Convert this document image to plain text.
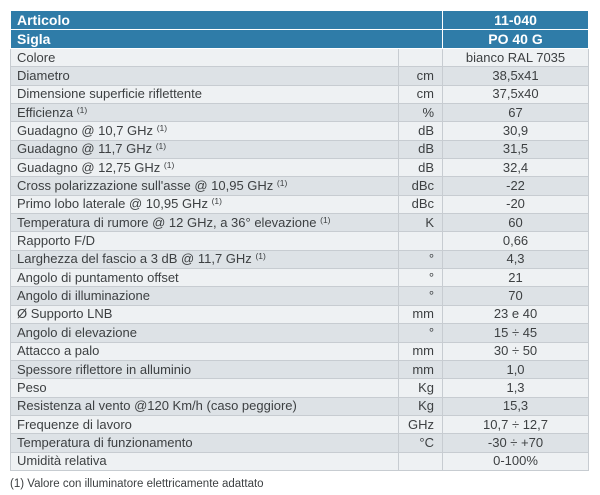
Articolo		11-040
Sigla		PO 40 G
Colore		bianco RAL 7035
Diametro	cm	38,5x41
Dimensione superficie riflettente	cm	37,5x40
Efficienza $^{(1)}$	%	67
Guadagno @ 10,7 GHz $^{(1)}$	dB	30,9
Guadagno @ 11,7 GHz $^{(1)}$	dB	31,5
Guadagno @ 12,75 GHz $^{(1)}$	dB	32,4
Cross polarizzazione sull'asse @ 10,95 GHz $^{(1)}$	dBc	-22
Primo lobo laterale @ 10,95 GHz $^{(1)}$	dBc	-20
Temperatura di rumore @ 12 GHz, a 36° elevazione $^{(1)}$	K	60
Rapporto F/D		0,66
Larghezza del fascio a 3 dB @ 11,7 GHz $^{(1)}$	°	4,3
Angolo di puntamento offset	°	21
Angolo di illuminazione	°	70
Ø Supporto LNB	mm	23 e 40
Angolo di elevazione	°	15 ÷ 45
Attacco a palo	mm	30 ÷ 50
Spessore riflettore in alluminio	mm	1,0
Peso	Kg	1,3
Resistenza al vento @120 Km/h (caso peggiore)	Kg	15,3
Frequenze di lavoro	GHz	10,7 ÷ 12,7
Temperatura di funzionamento	°C	-30 ÷ +70
Umidità relativa		0-100%
(1) Valore con illuminatore elettricamente adattato
